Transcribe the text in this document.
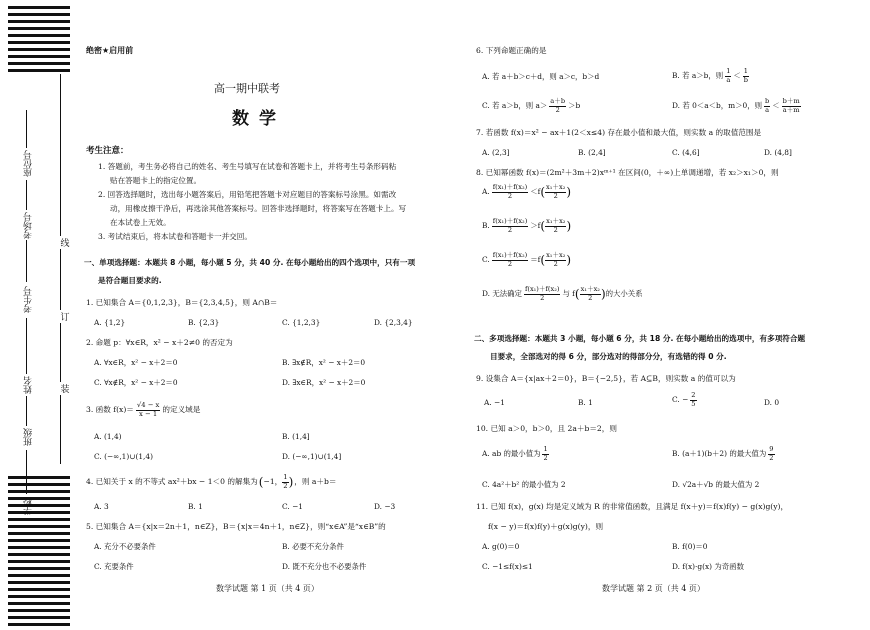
座位号
考场号
考生号
姓名
班级
学校
线
订
装
绝密★启用前
高一期中联考
数学
考生注意：
1. 答题前，考生务必将自己的姓名、考生号填写在试卷和答题卡上，并将考生号条形码粘
贴在答题卡上的指定位置。
2. 回答选择题时，选出每小题答案后，用铅笔把答题卡对应题目的答案标号涂黑。如需改
动，用橡皮擦干净后，再选涂其他答案标号。回答非选择题时，将答案写在答题卡上。写
在本试卷上无效。
3. 考试结束后，将本试卷和答题卡一并交回。
一、单项选择题：本题共 8 小题，每小题 5 分，共 40 分. 在每小题给出的四个选项中，只有一项
是符合题目要求的.
1. 已知集合 A＝{0,1,2,3}，B＝{2,3,4,5}，则 A∩B＝
A. {1,2}	B. {2,3}	C. {1,2,3}	D. {2,3,4}
2. 命题 p：∀x∈R，x² − x＋2≠0 的否定为
A. ∀x∈R，x² − x＋2＝0	B. ∃x∉R，x² − x＋2＝0
C. ∀x∉R，x² − x＋2＝0	D. ∃x∈R，x² − x＋2＝0
3. 函数 $f(x)= \frac{√4 - x}{x - 1}$ 的定义域是
A. (1,4)	B. (1,4]
C. (−∞,1)∪(1,4)	D. (−∞,1)∪(1,4]
4. 已知关于 x 的不等式 ax²＋bx − 1＜0 的解集为 ( −1， $\frac{1}{2}$ ) ，则 a＋b＝
A. 3	B. 1	C. −1	D. −3
5. 已知集合 A＝{x|x＝2n＋1，n∈Z}，B＝{x|x＝4n＋1，n∈Z}，则“x∈A”是“x∈B”的
A. 充分不必要条件	B. 必要不充分条件
C. 充要条件	D. 既不充分也不必要条件
数学试题 第 1 页（共 4 页）
6. 下列命题正确的是
A. 若 a＋b＞c＋d，则 a＞c，b＞d	B. 若 a＞b，则 $\frac{1}{a} < \frac{1}{b}$
C. 若 a＞b，则 $a> \frac{a+b}{2} >b$	D. 若 0＜a＜b，m＞0，则 $\frac{b}{a} < \frac{b+m}{a+m}$
7. 若函数 f(x)＝x² − ax＋1(2＜x≤4) 存在最小值和最大值，则实数 a 的取值范围是
A. (2,3]	B. (2,4]	C. (4,6]	D. (4,8]
8. 已知幂函数 f(x)＝(2m²＋3m＋2)xᵐ⁺¹ 在区间(0，＋∞)上单调递增，若 x₂＞x₁＞0，则
A. $\frac{\text{f(x₁)＋f(x₂)}}{2} <f$ ( $\frac{\text{x₁＋x₂}}{2}$ )
B. $\frac{\text{f(x₁)＋f(x₂)}}{2} >f$ ( $\frac{\text{x₁＋x₂}}{2}$ )
C. $\frac{\text{f(x₁)＋f(x₂)}}{2} =f$ ( $\frac{\text{x₁＋x₂}}{2}$ )
D. 无法确定 $\frac{\text{f(x₁)＋f(x₂)}}{2}$ 与 f ( $\frac{\text{x₁＋x₂}}{2}$ ) 的大小关系
二、多项选择题：本题共 3 小题，每小题 6 分，共 18 分. 在每小题给出的选项中，有多项符合题
目要求，全部选对的得 6 分，部分选对的得部分分，有选错的得 0 分.
9. 设集合 A＝{x|ax＋2＝0}，B＝{−2,5}，若 A⊆B，则实数 a 的值可以为
A. −1	B. 1	C. − $\frac{2}{5}$	D. 0
10. 已知 a＞0，b＞0，且 2a＋b＝2，则
A. ab 的最小值为 $\frac{1}{2}$	B. (a＋1)(b＋2) 的最大值为 $\frac{9}{2}$
C. 4a²＋b² 的最小值为 2	D. √2a＋√b 的最大值为 2
11. 已知 f(x)，g(x) 均是定义域为 R 的非常值函数，且满足 f(x＋y)＝f(x)f(y) − g(x)g(y)，
f(x − y)＝f(x)f(y)＋g(x)g(y)，则
A. g(0)＝0	B. f(0)＝0
C. −1≤f(x)≤1	D. f(x)·g(x) 为奇函数
数学试题 第 2 页（共 4 页）
